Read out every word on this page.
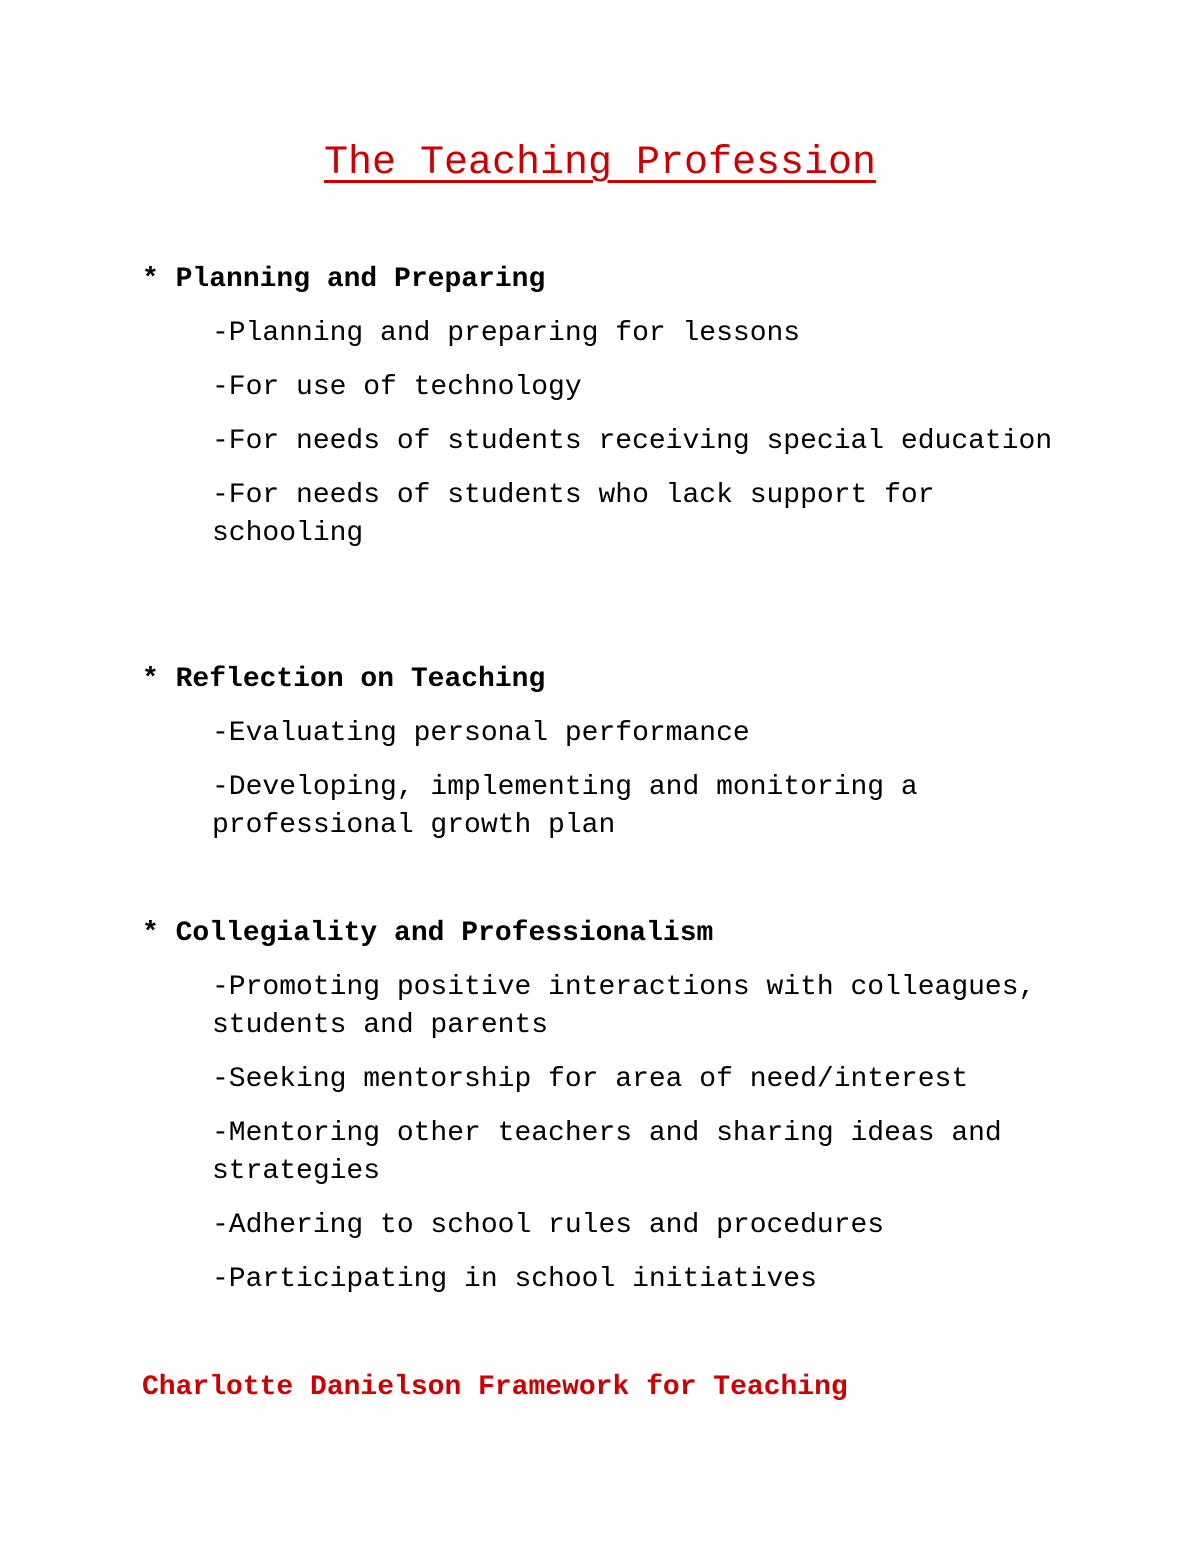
The Teaching Profession

* Planning and Preparing

-Planning and preparing for lessons
-For use of technology
-For needs of students receiving special education
-For needs of students who lack support for schooling

* Reflection on Teaching

-Evaluating personal performance
-Developing, implementing and monitoring a professional growth plan

* Collegiality and Professionalism

-Promoting positive interactions with colleagues, students and parents
-Seeking mentorship for area of need/interest
-Mentoring other teachers and sharing ideas and strategies
-Adhering to school rules and procedures
-Participating in school initiatives

Charlotte Danielson Framework for Teaching
